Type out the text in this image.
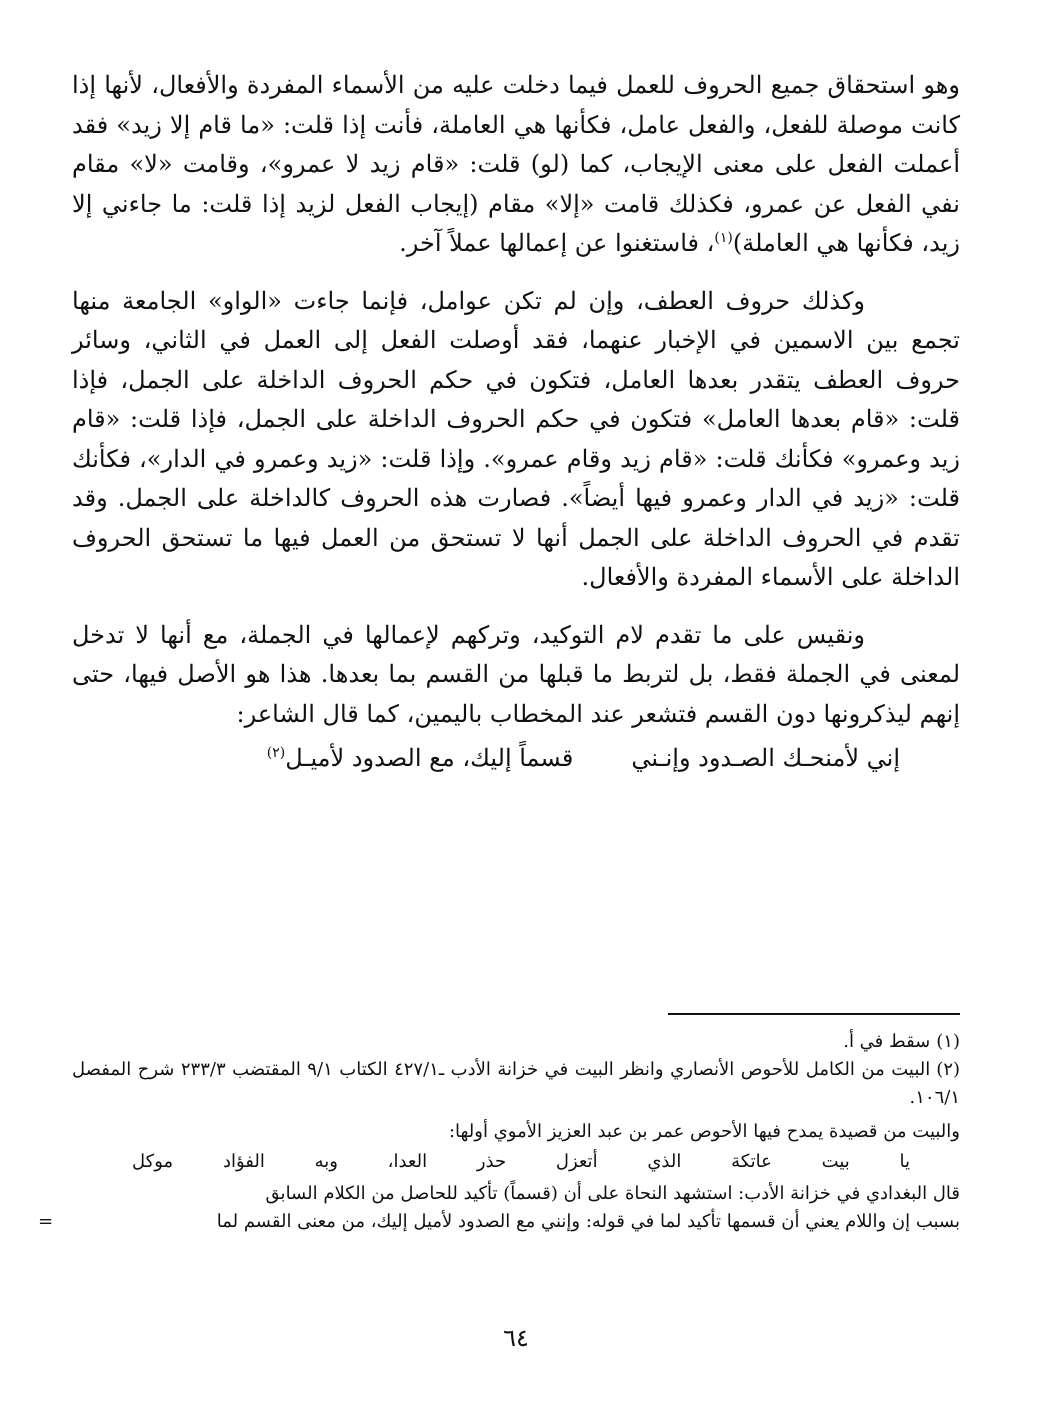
وهو استحقاق جميع الحروف للعمل فيما دخلت عليه من الأسماء المفردة والأفعال، لأنها إذا كانت موصلة للفعل، والفعل عامل، فكأنها هي العاملة، فأنت إذا قلت: «ما قام إلا زيد» فقد أعملت الفعل على معنى الإيجاب، كما (لو) قلت: «قام زيد لا عمرو»، وقامت «لا» مقام نفي الفعل عن عمرو، فكذلك قامت «إلا» مقام (إيجاب الفعل لزيد إذا قلت: ما جاءني إلا زيد، فكأنها هي العاملة)$^{(١)}$، فاستغنوا عن إعمالها عملاً آخر.

وكذلك حروف العطف، وإن لم تكن عوامل، فإنما جاءت «الواو» الجامعة منها تجمع بين الاسمين في الإخبار عنهما، فقد أوصلت الفعل إلى العمل في الثاني، وسائر حروف العطف يتقدر بعدها العامل، فتكون في حكم الحروف الداخلة على الجمل، فإذا قلت: «قام بعدها العامل» فتكون في حكم الحروف الداخلة على الجمل، فإذا قلت: «قام زيد وعمرو» فكأنك قلت: «قام زيد وقام عمرو». وإذا قلت: «زيد وعمرو في الدار»، فكأنك قلت: «زيد في الدار وعمرو فيها أيضاً». فصارت هذه الحروف كالداخلة على الجمل. وقد تقدم في الحروف الداخلة على الجمل أنها لا تستحق من العمل فيها ما تستحق الحروف الداخلة على الأسماء المفردة والأفعال.

ونقيس على ما تقدم لام التوكيد، وتركهم لإعمالها في الجملة، مع أنها لا تدخل لمعنى في الجملة فقط، بل لتربط ما قبلها من القسم بما بعدها. هذا هو الأصل فيها، حتى إنهم ليذكرونها دون القسم فتشعر عند المخطاب باليمين، كما قال الشاعر:

إني لأمنحـك الصـدود وإنـني
قسماً إليك، مع الصدود لأميـل$^{(٢)}$

(١)سقط في أ.

(٢)البيت من الكامل للأحوص الأنصاري وانظر البيت في خزانة الأدب ـ٤٢٧/١ الكتاب ٩/١ المقتضب ٢٣٣/٣ شرح المفصل ١٠٦/١.

والبيت من قصيدة يمدح فيها الأحوص عمر بن عبد العزيز الأموي أولها:

يا
بيت
عاتكة
الذي
أتعزل
حذر
العدا،
وبه
الفؤاد
موكل

قال البغدادي في خزانة الأدب: استشهد النحاة على أن (قسماً) تأكيد للحاصل من الكلام السابق

بسبب إن واللام يعني أن قسمها تأكيد لما في قوله: وإنني مع الصدود لأميل إليك، من معنى القسم لما
=

٦٤
